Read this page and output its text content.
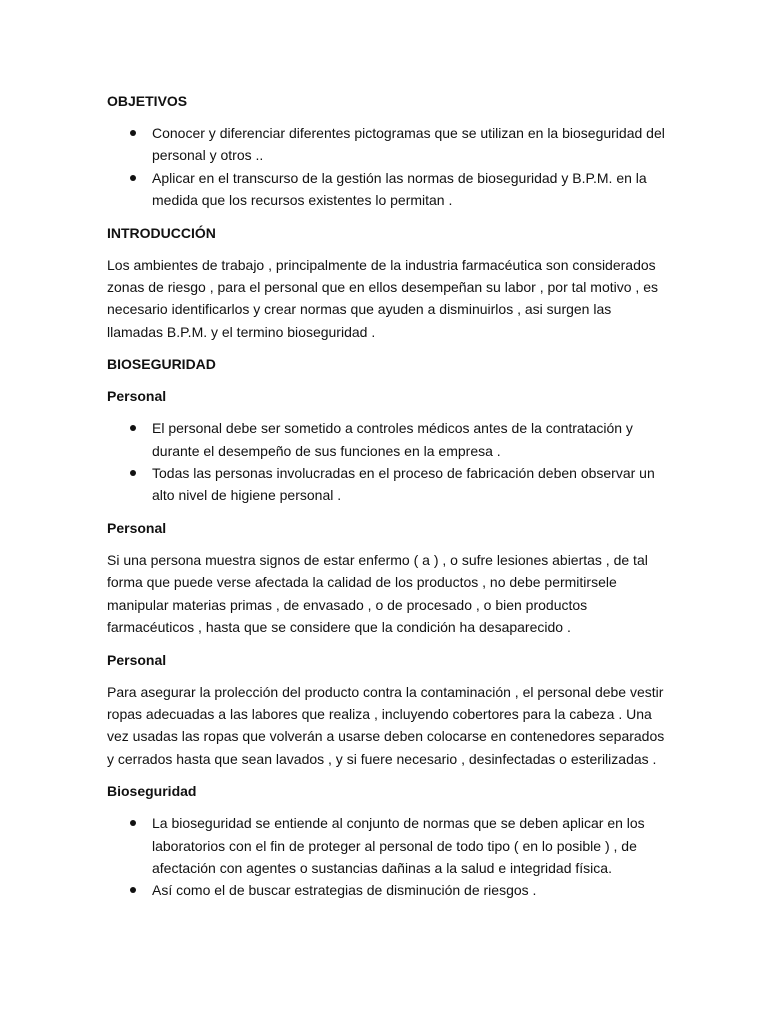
OBJETIVOS
Conocer y diferenciar diferentes pictogramas que se utilizan en la bioseguridad del personal y otros ..
Aplicar en el transcurso de la gestión las normas de bioseguridad y B.P.M. en la medida que los recursos existentes lo permitan .
INTRODUCCIÓN

Los ambientes de trabajo , principalmente de la industria farmacéutica son considerados zonas de riesgo , para el personal que en ellos desempeñan su labor , por tal motivo , es necesario identificarlos y crear normas que ayuden a disminuirlos , asi surgen las llamadas B.P.M. y el termino bioseguridad .

BIOSEGURIDAD
Personal
El personal debe ser sometido a controles médicos antes de la contratación y durante el desempeño de sus funciones en la empresa .
Todas las personas involucradas en el proceso de fabricación deben observar un alto nivel de higiene personal .
Personal

Si una persona muestra signos de estar enfermo ( a ) , o sufre lesiones abiertas , de tal forma que puede verse afectada la calidad de los productos , no debe permitirsele manipular materias primas , de envasado , o de procesado , o bien productos farmacéuticos , hasta que se considere que la condición ha desaparecido .

Personal

Para asegurar la prolección del producto contra la contaminación , el personal debe vestir ropas adecuadas a las labores que realiza , incluyendo cobertores para la cabeza . Una vez usadas las ropas que volverán a usarse deben colocarse en contenedores separados y cerrados hasta que sean lavados , y si fuere necesario , desinfectadas o esterilizadas .

Bioseguridad
La bioseguridad se entiende al conjunto de normas que se deben aplicar en los laboratorios con el fin de proteger al personal de todo tipo ( en lo posible ) , de afectación con agentes o sustancias dañinas a la salud e integridad física.
Así como el de buscar estrategias de disminución de riesgos .
